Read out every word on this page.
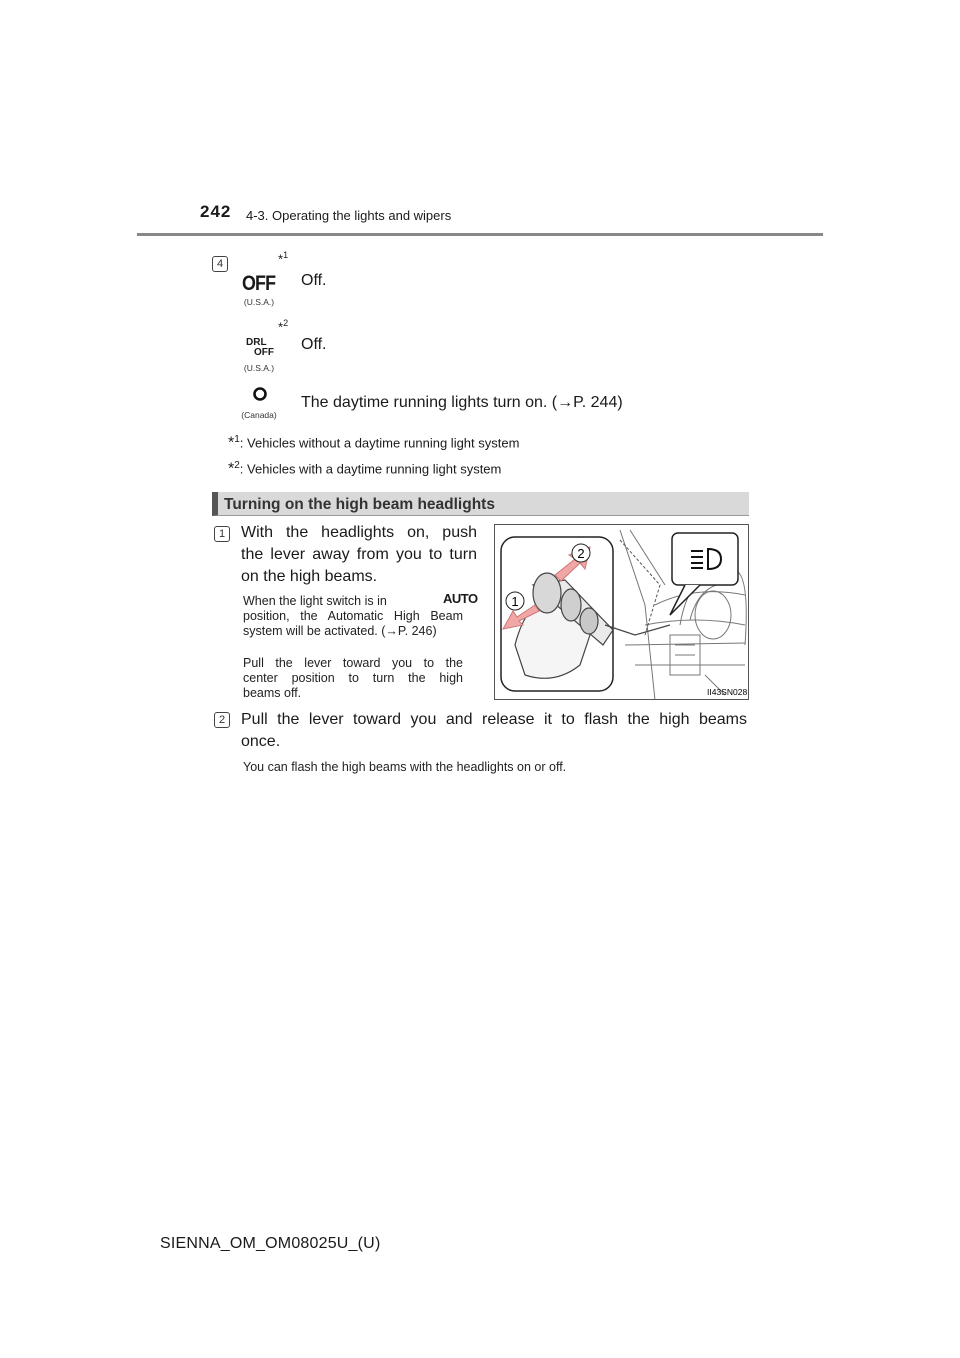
242 4-3. Operating the lights and wipers
4	*$^1$
OFF
(U.S.A.)
Off.
*$^2$
DRL
OFF
(U.S.A.)
Off.
(Canada)
The daytime running lights turn on. (→P. 244)
*$^1$: Vehicles without a daytime running light system
*$^2$: Vehicles with a daytime running light system
Turning on the high beam headlights
1 With the headlights on, push
the lever away from you to turn
on the high beams.
When the light switch is in
position, the Automatic High Beam
system will be activated. (→P. 246)
AUTO
Pull the lever toward you to the
center position to turn the high
beams off.
2
1
II43SN028
2 Pull the lever toward you and release it to flash the high beams
once.
You can flash the high beams with the headlights on or off.
SIENNA_OM_OM08025U_(U)
